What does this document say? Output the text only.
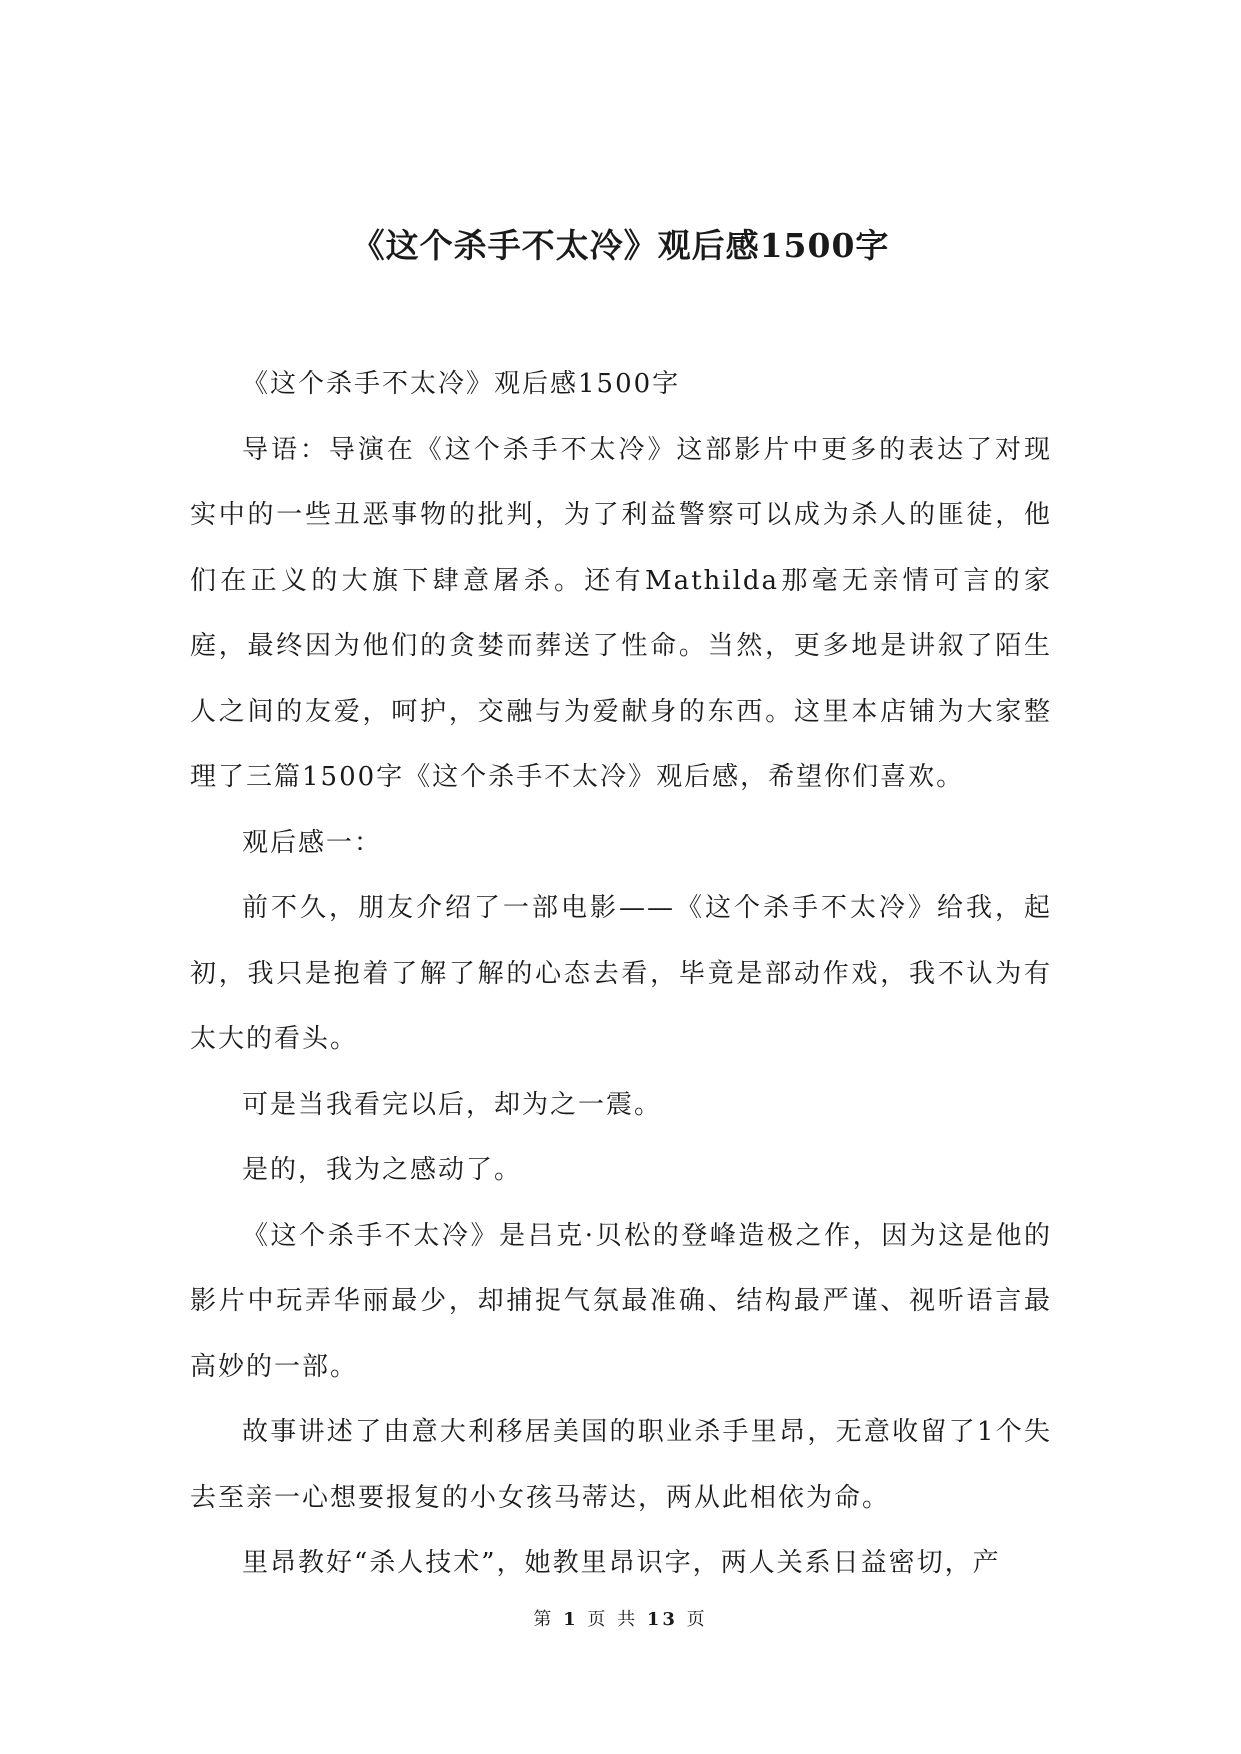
《这个杀手不太冷》观后感1500字

《这个杀手不太冷》观后感1500字

导语：导演在《这个杀手不太冷》这部影片中更多的表达了对现实中的一些丑恶事物的批判，为了利益警察可以成为杀人的匪徒，他们在正义的大旗下肆意屠杀。还有Mathilda那毫无亲情可言的家庭，最终因为他们的贪婪而葬送了性命。当然，更多地是讲叙了陌生人之间的友爱，呵护，交融与为爱献身的东西。这里本店铺为大家整理了三篇1500字《这个杀手不太冷》观后感，希望你们喜欢。

观后感一：

前不久，朋友介绍了一部电影——《这个杀手不太冷》给我，起初，我只是抱着了解了解的心态去看，毕竟是部动作戏，我不认为有太大的看头。

可是当我看完以后，却为之一震。

是的，我为之感动了。

《这个杀手不太冷》是吕克·贝松的登峰造极之作，因为这是他的影片中玩弄华丽最少，却捕捉气氛最准确、结构最严谨、视听语言最高妙的一部。

故事讲述了由意大利移居美国的职业杀手里昂，无意收留了1个失去至亲一心想要报复的小女孩马蒂达，两从此相依为命。

里昂教好“杀人技术”，她教里昂识字，两人关系日益密切，产

第 1 页 共 13 页
